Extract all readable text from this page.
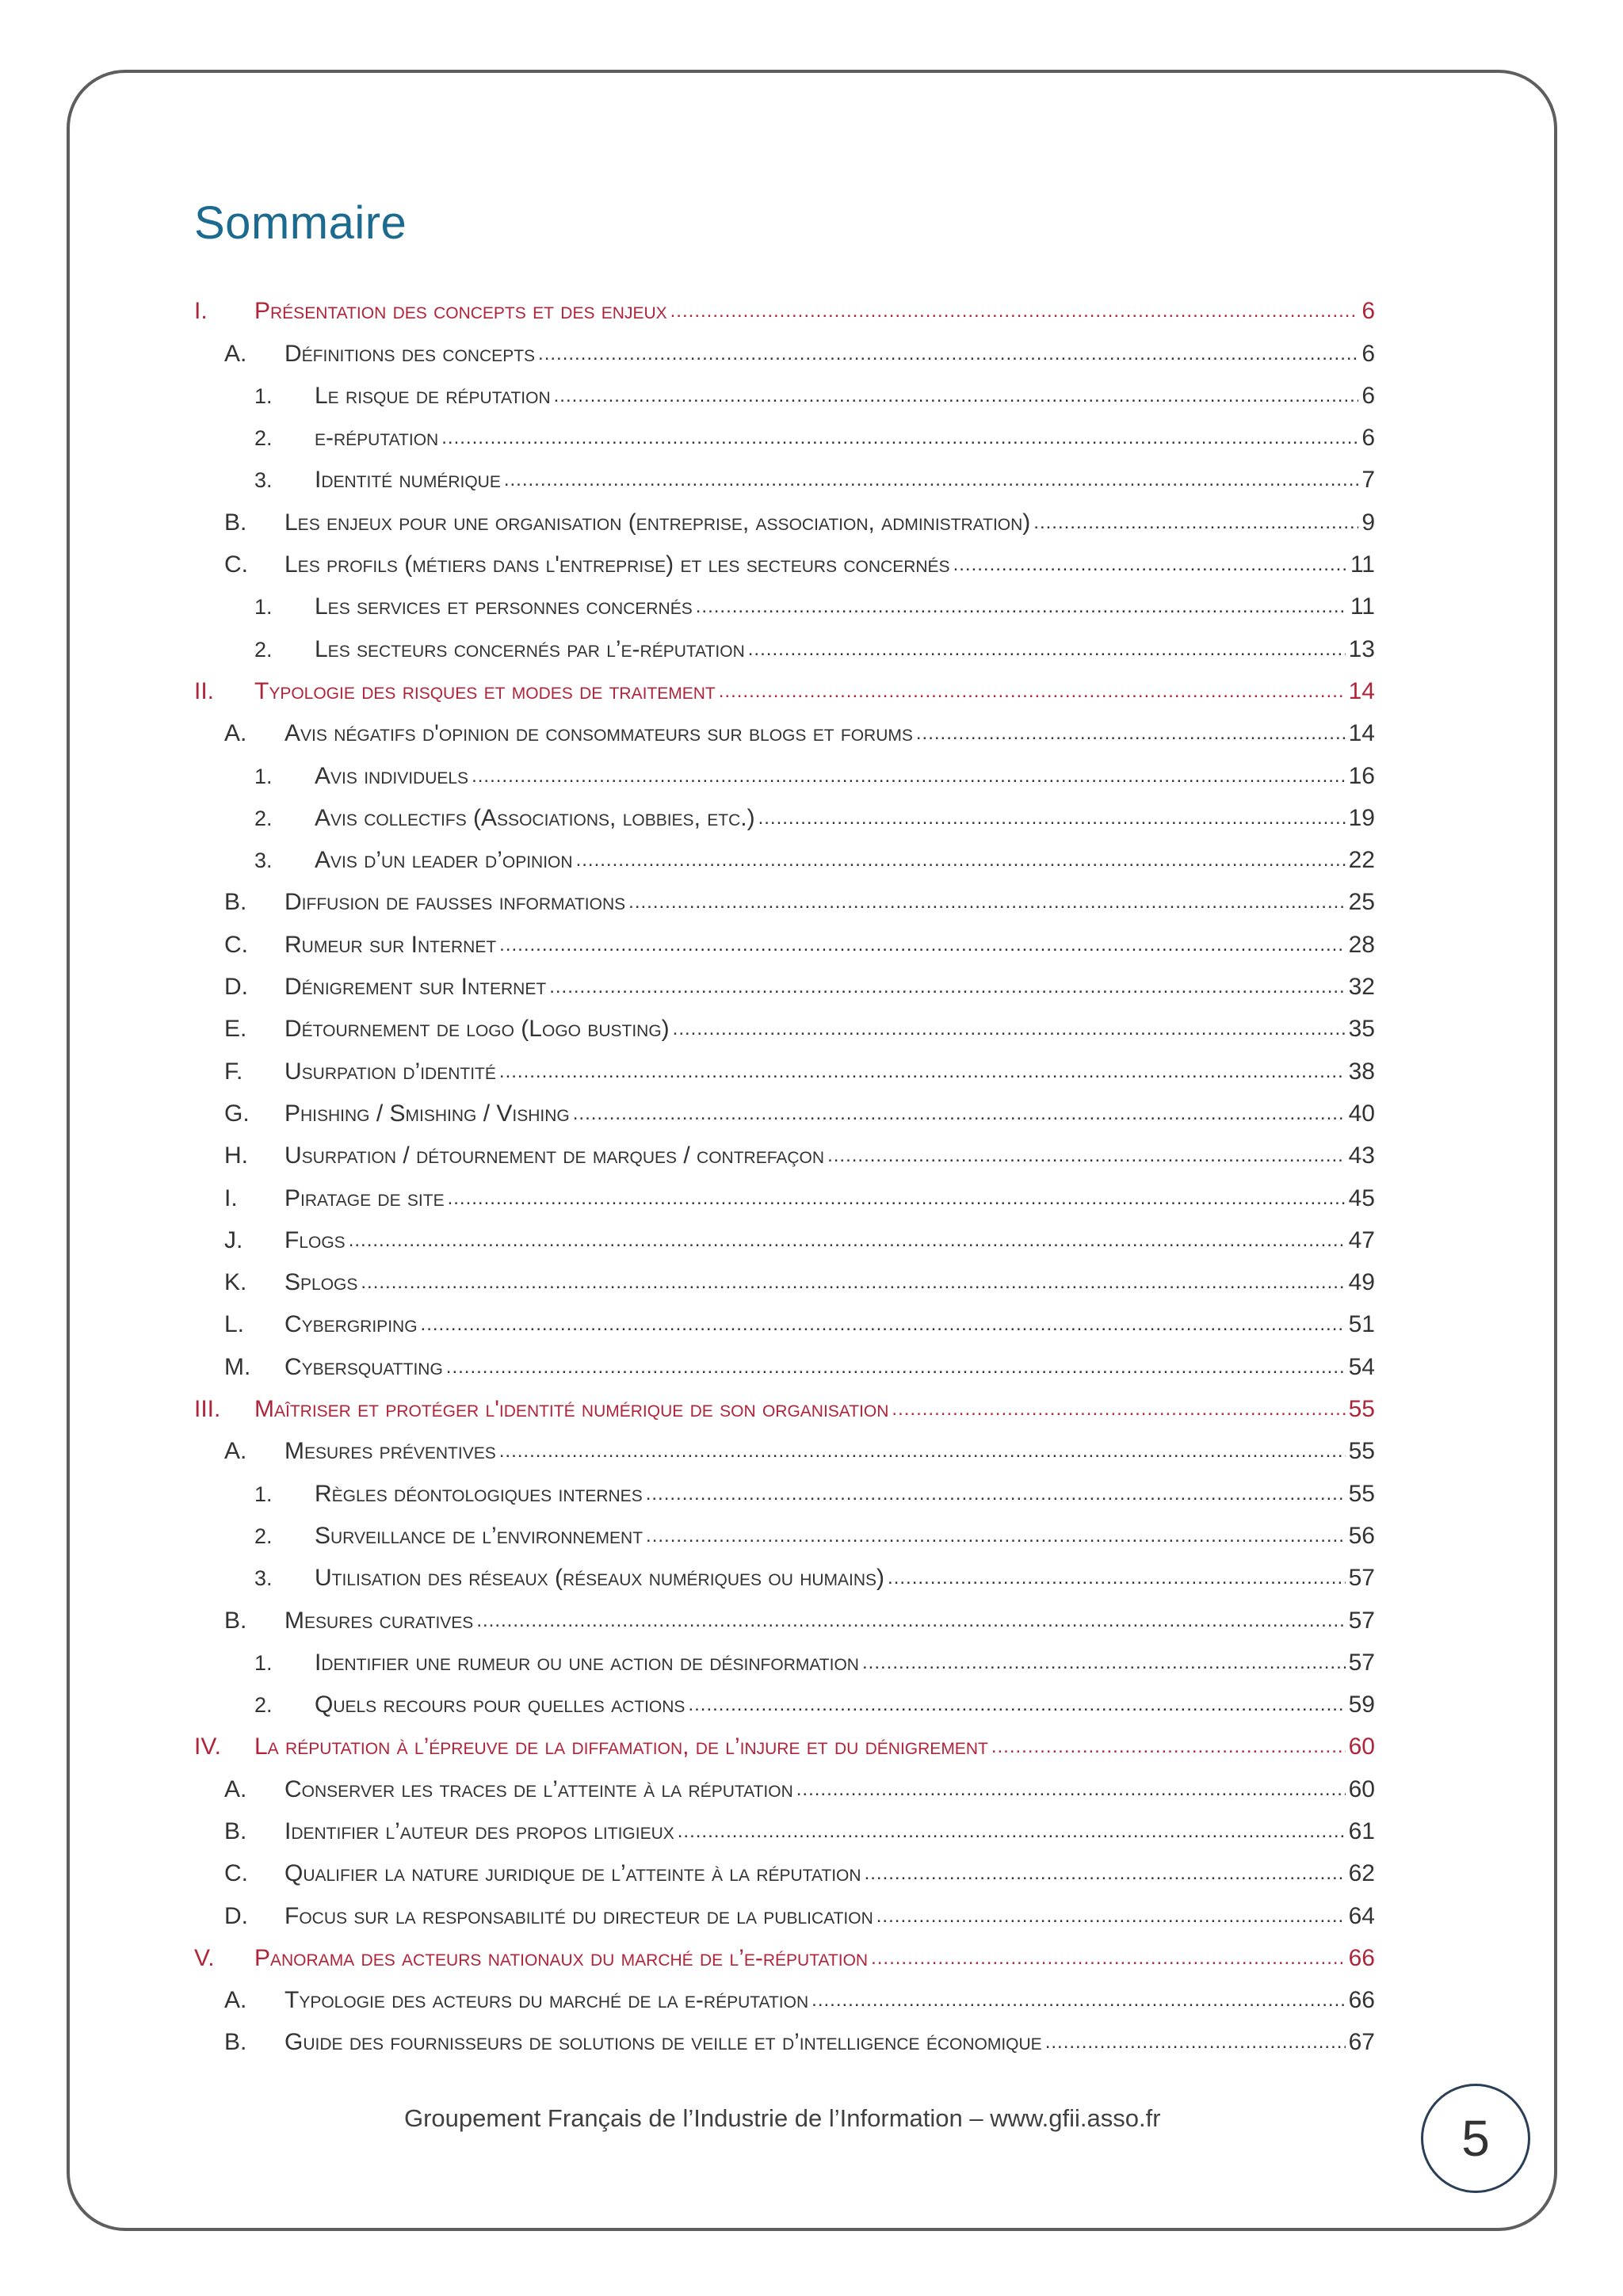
Sommaire
I.	Présentation des concepts et des enjeux .....	6
A.	Définitions des concepts .....	6
1.	Le risque de réputation .....	6
2.	e-réputation .....	6
3.	Identité numérique .....	7
B.	Les enjeux pour une organisation (entreprise, association, administration) .....	9
C.	Les profils (métiers dans l'entreprise) et les secteurs concernés .....	11
1.	Les services et personnes concernés .....	11
2.	Les secteurs concernés par l’e-réputation .....	13
II.	Typologie des risques et modes de traitement .....	14
A.	Avis négatifs d'opinion de consommateurs sur blogs et forums .....	14
1.	Avis individuels .....	16
2.	Avis collectifs (Associations, lobbies, etc.) .....	19
3.	Avis d’un leader d’opinion .....	22
B.	Diffusion de fausses informations .....	25
C.	Rumeur sur Internet .....	28
D.	Dénigrement sur Internet .....	32
E.	Détournement de logo (Logo busting) .....	35
F.	Usurpation d’identité .....	38
G.	Phishing / Smishing / Vishing .....	40
H.	Usurpation / détournement de marques / contrefaçon .....	43
I.	Piratage de site .....	45
J.	Flogs .....	47
K.	Splogs .....	49
L.	Cybergriping .....	51
M.	Cybersquatting .....	54
III.	Maîtriser et protéger l'identité numérique de son organisation .....	55
A.	Mesures préventives .....	55
1.	Règles déontologiques internes .....	55
2.	Surveillance de l’environnement .....	56
3.	Utilisation des réseaux (réseaux numériques ou humains) .....	57
B.	Mesures curatives .....	57
1.	Identifier une rumeur ou une action de désinformation .....	57
2.	Quels recours pour quelles actions .....	59
IV.	La réputation à l’épreuve de la diffamation, de l’injure et du dénigrement .....	60
A.	Conserver les traces de l’atteinte à la réputation .....	60
B.	Identifier l’auteur des propos litigieux .....	61
C.	Qualifier la nature juridique de l’atteinte à la réputation .....	62
D.	Focus sur la responsabilité du directeur de la publication .....	64
V.	Panorama des acteurs nationaux du marché de l’e-réputation .....	66
A.	Typologie des acteurs du marché de la e-réputation .....	66
B.	Guide des fournisseurs de solutions de veille et d’intelligence économique .....	67
Groupement Français de l’Industrie de l’Information – www.gfii.asso.fr	5
